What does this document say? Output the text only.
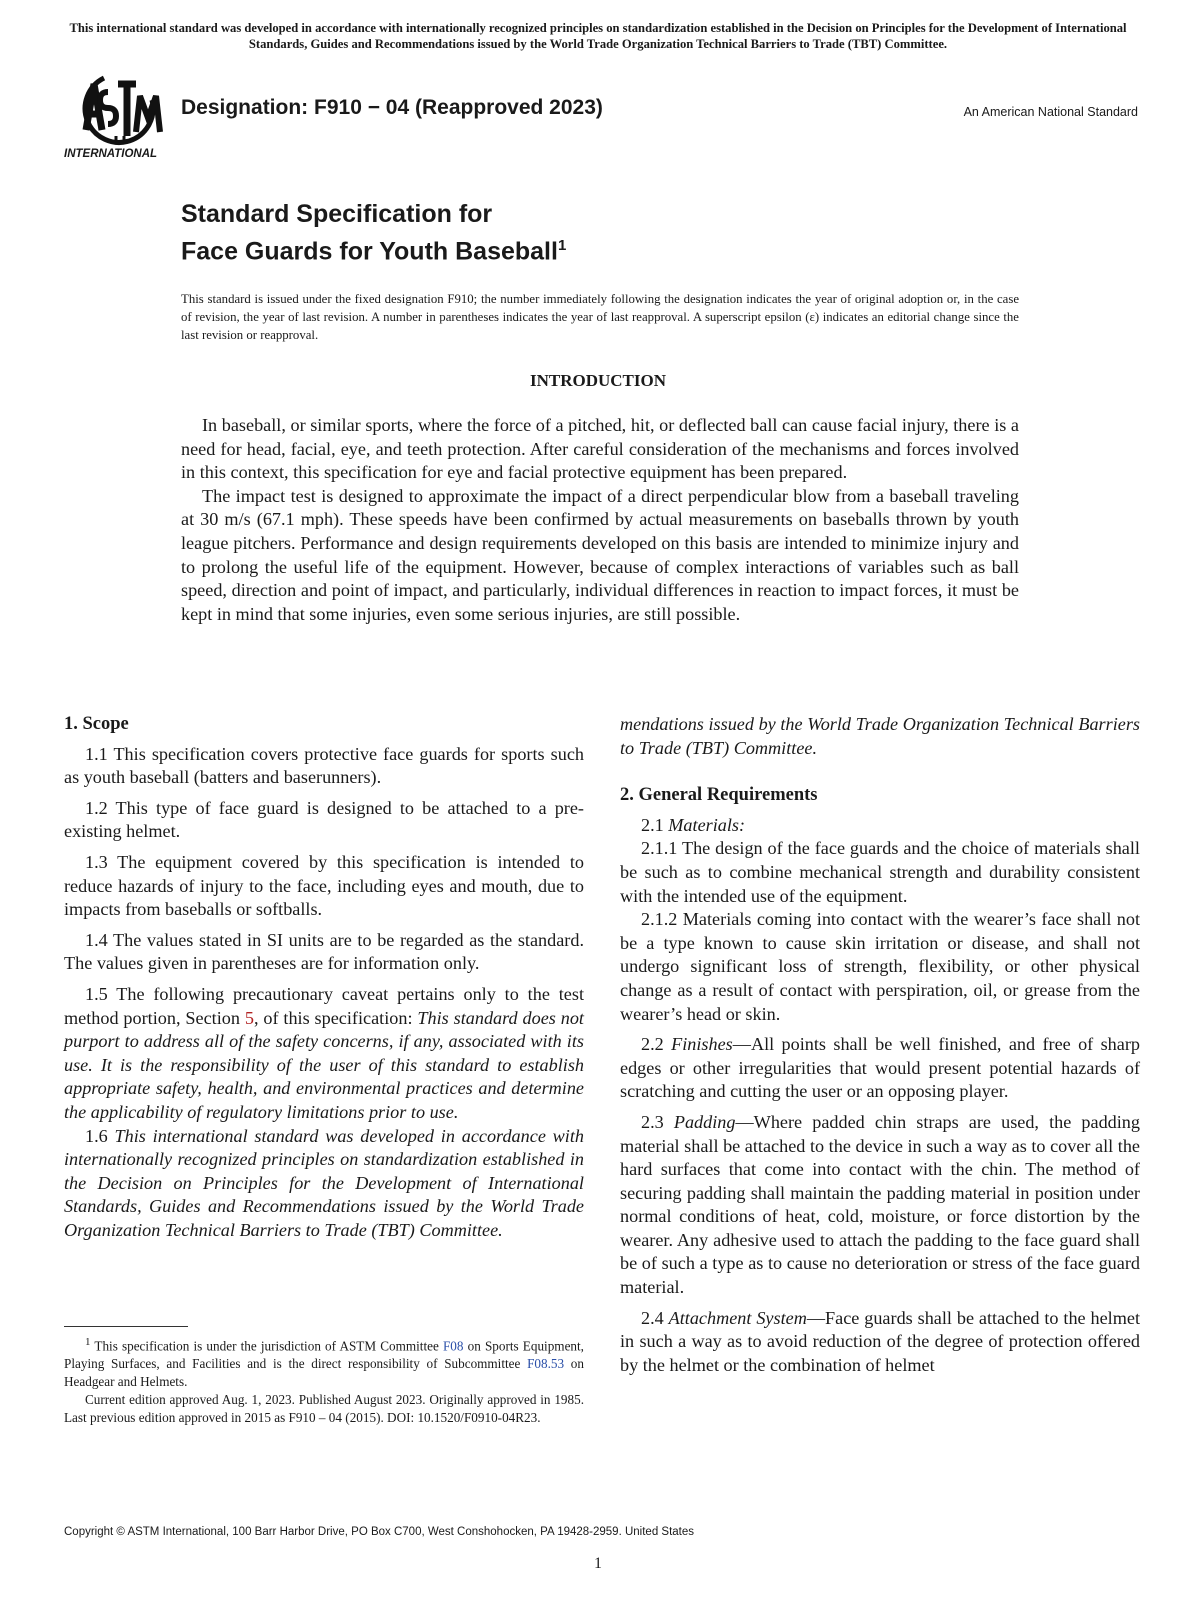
This international standard was developed in accordance with internationally recognized principles on standardization established in the Decision on Principles for the Development of International Standards, Guides and Recommendations issued by the World Trade Organization Technical Barriers to Trade (TBT) Committee.
INTERNATIONAL
Designation: F910 − 04 (Reapproved 2023)	An American National Standard
Standard Specification for
Face Guards for Youth Baseball$^1$
This standard is issued under the fixed designation F910; the number immediately following the designation indicates the year of original adoption or, in the case of revision, the year of last revision. A number in parentheses indicates the year of last reapproval. A superscript epsilon (ε) indicates an editorial change since the last revision or reapproval.
INTRODUCTION

In baseball, or similar sports, where the force of a pitched, hit, or deflected ball can cause facial injury, there is a need for head, facial, eye, and teeth protection. After careful consideration of the mechanisms and forces involved in this context, this specification for eye and facial protective equipment has been prepared.

The impact test is designed to approximate the impact of a direct perpendicular blow from a baseball traveling at 30 m/s (67.1 mph). These speeds have been confirmed by actual measurements on baseballs thrown by youth league pitchers. Performance and design requirements developed on this basis are intended to minimize injury and to prolong the useful life of the equipment. However, because of complex interactions of variables such as ball speed, direction and point of impact, and particularly, individual differences in reaction to impact forces, it must be kept in mind that some injuries, even some serious injuries, are still possible.

1. Scope

1.1 This specification covers protective face guards for sports such as youth baseball (batters and baserunners).

1.2 This type of face guard is designed to be attached to a pre-existing helmet.

1.3 The equipment covered by this specification is intended to reduce hazards of injury to the face, including eyes and mouth, due to impacts from baseballs or softballs.

1.4 The values stated in SI units are to be regarded as the standard. The values given in parentheses are for information only.

1.5 The following precautionary caveat pertains only to the test method portion, Section 5, of this specification: This standard does not purport to address all of the safety concerns, if any, associated with its use. It is the responsibility of the user of this standard to establish appropriate safety, health, and environmental practices and determine the applicability of regulatory limitations prior to use.

1.6 This international standard was developed in accordance with internationally recognized principles on standardization established in the Decision on Principles for the Development of International Standards, Guides and Recommendations issued by the World Trade Organization Technical Barriers to Trade (TBT) Committee.

$^1$ This specification is under the jurisdiction of ASTM Committee F08 on Sports Equipment, Playing Surfaces, and Facilities and is the direct responsibility of Subcommittee F08.53 on Headgear and Helmets.

Current edition approved Aug. 1, 2023. Published August 2023. Originally approved in 1985. Last previous edition approved in 2015 as F910 – 04 (2015). DOI: 10.1520/F0910-04R23.

mendations issued by the World Trade Organization Technical Barriers to Trade (TBT) Committee.

2. General Requirements

2.1 Materials:

2.1.1 The design of the face guards and the choice of materials shall be such as to combine mechanical strength and durability consistent with the intended use of the equipment.

2.1.2 Materials coming into contact with the wearer’s face shall not be a type known to cause skin irritation or disease, and shall not undergo significant loss of strength, flexibility, or other physical change as a result of contact with perspiration, oil, or grease from the wearer’s head or skin.

2.2 Finishes—All points shall be well finished, and free of sharp edges or other irregularities that would present potential hazards of scratching and cutting the user or an opposing player.

2.3 Padding—Where padded chin straps are used, the padding material shall be attached to the device in such a way as to cover all the hard surfaces that come into contact with the chin. The method of securing padding shall maintain the padding material in position under normal conditions of heat, cold, moisture, or force distortion by the wearer. Any adhesive used to attach the padding to the face guard shall be of such a type as to cause no deterioration or stress of the face guard material.

2.4 Attachment System—Face guards shall be attached to the helmet in such a way as to avoid reduction of the degree of protection offered by the helmet or the combination of helmet

Copyright © ASTM International, 100 Barr Harbor Drive, PO Box C700, West Conshohocken, PA 19428-2959. United States
1
